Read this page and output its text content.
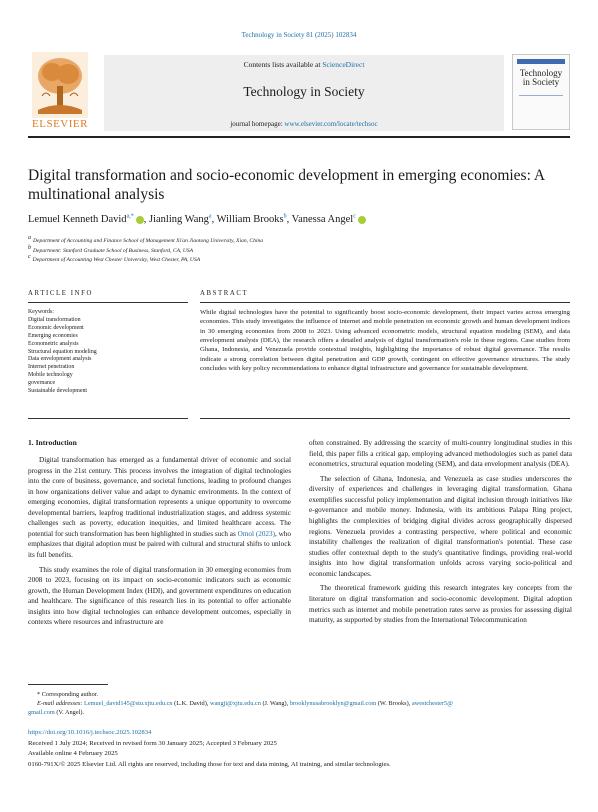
Technology in Society 81 (2025) 102834
Contents lists available at ScienceDirect
Technology in Society
journal homepage: www.elsevier.com/locate/techsoc
ELSEVIER
Technology
in Society
Digital transformation and socio-economic development in emerging economies: A multinational analysis
Lemuel Kenneth David$^{a,*}$ , Jianling Wang$^a$, William Brooks$^b$, Vanessa Angel$^c$
$^a$ Department of Accounting and Finance School of Management Xi'an Jiaotong University, Xian, China
$^b$ Department: Stanford Graduate School of Business, Stanford, CA, USA
$^c$ Department of Accounting West Chester University, West Chester, PA, USA
ARTICLE INFO	ABSTRACT
Keywords:
Digital transformation
Economic development
Emerging economies
Econometric analysis
Structural equation modeling
Data envelopment analysis
Internet penetration
Mobile technology
governance
Sustainable development
While digital technologies have the potential to significantly boost socio-economic development, their impact varies across emerging economies. This study investigates the influence of internet and mobile penetration on economic growth and human development indices in 30 emerging economies from 2008 to 2023. Using advanced econometric models, structural equation modeling (SEM), and data envelopment analysis (DEA), the research offers a detailed analysis of digital transformation's role in these regions. Case studies from Ghana, Indonesia, and Venezuela provide contextual insights, highlighting the importance of robust digital governance. The results indicate a strong correlation between digital penetration and GDP growth, contingent on effective governance structures. The study concludes with key policy recommendations to enhance digital infrastructure and governance for sustainable development.
1. Introduction

Digital transformation has emerged as a fundamental driver of economic and social progress in the 21st century. This process involves the integration of digital technologies into the core of business, governance, and societal functions, leading to profound changes in how organizations deliver value and adapt to dynamic environments. In the context of emerging economies, digital transformation represents a unique opportunity to overcome developmental barriers, leapfrog traditional industrialization stages, and address systemic challenges such as poverty, education inequities, and limited healthcare access. The potential for such transformation has been highlighted in studies such as Omol (2023), who emphasizes that digital adoption must be paired with cultural and structural shifts to unlock its full benefits.

This study examines the role of digital transformation in 30 emerging economies from 2008 to 2023, focusing on its impact on socio-economic indicators such as economic growth, the Human Development Index (HDI), and government expenditures on education and healthcare. The significance of this research lies in its potential to offer actionable insights into how digital technologies can enhance development outcomes, especially in contexts where resources and infrastructure are

often constrained. By addressing the scarcity of multi-country longitudinal studies in this field, this paper fills a critical gap, employing advanced methodologies such as panel data econometrics, structural equation modeling (SEM), and data envelopment analysis (DEA).

The selection of Ghana, Indonesia, and Venezuela as case studies underscores the diversity of experiences and challenges in leveraging digital transformation. Ghana exemplifies successful policy implementation and digital inclusion through initiatives like e-governance and mobile money. Indonesia, with its ambitious Palapa Ring project, highlights the complexities of bridging digital divides across geographically dispersed regions. Venezuela provides a contrasting perspective, where political and economic instability challenges the realization of digital transformation's potential. These case studies offer contextual depth to the study's quantitative findings, providing real-world insights into how digital transformation unfolds across varying socio-political and economic landscapes.

The theoretical framework guiding this research integrates key concepts from the literature on digital transformation and socio-economic development. Digital adoption metrics such as internet and mobile penetration rates serve as proxies for assessing digital maturity, as supported by studies from the International Telecommunication

* Corresponding author.
E-mail addresses: Lemuel_david145@stu.xjtu.edu.cn (L.K. David), wangji@xjtu.edu.cn (J. Wang), brooklynusabrooklyn@gmail.com (W. Brooks), awestchester5@
gmail.com (V. Angel).
https://doi.org/10.1016/j.techsoc.2025.102834
Received 1 July 2024; Received in revised form 30 January 2025; Accepted 3 February 2025
Available online 4 February 2025
0160-791X/© 2025 Elsevier Ltd. All rights are reserved, including those for text and data mining, AI training, and similar technologies.
